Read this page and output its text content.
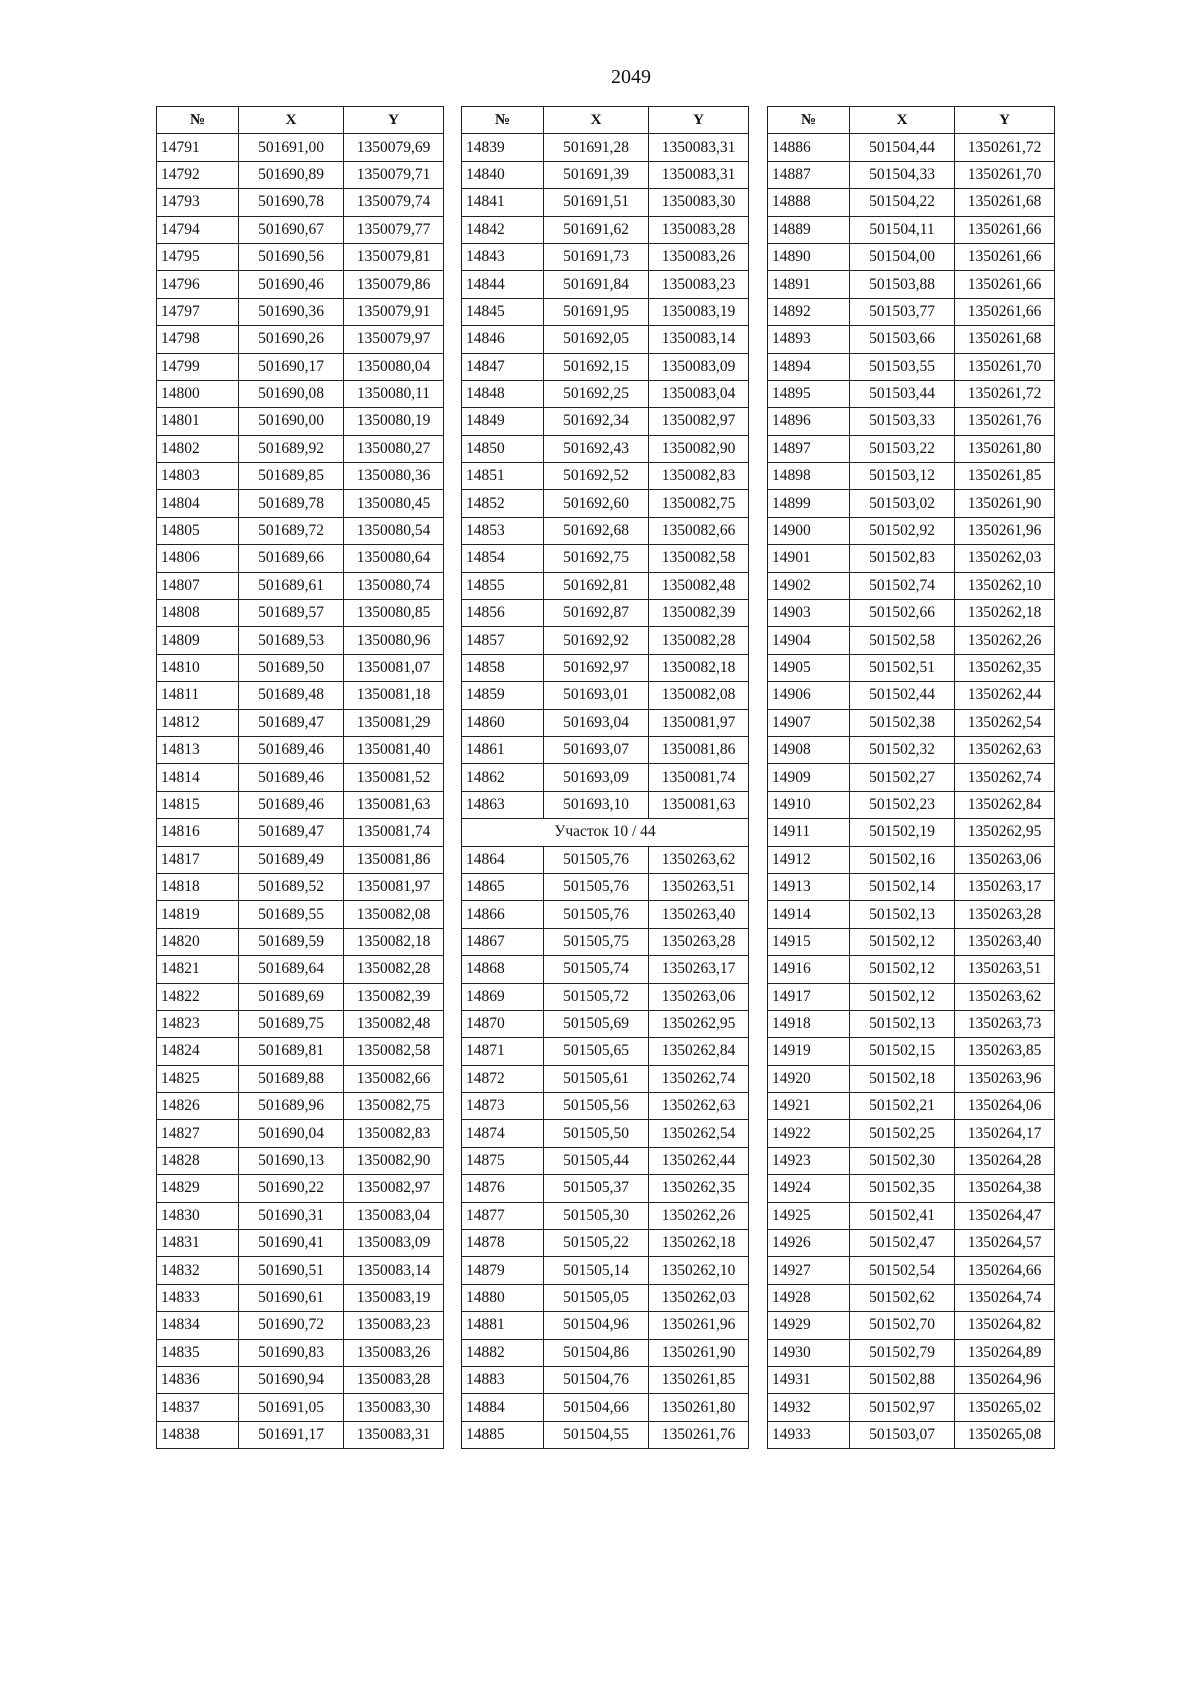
2049
№	X	Y
14791	501691,00	1350079,69
14792	501690,89	1350079,71
14793	501690,78	1350079,74
14794	501690,67	1350079,77
14795	501690,56	1350079,81
14796	501690,46	1350079,86
14797	501690,36	1350079,91
14798	501690,26	1350079,97
14799	501690,17	1350080,04
14800	501690,08	1350080,11
14801	501690,00	1350080,19
14802	501689,92	1350080,27
14803	501689,85	1350080,36
14804	501689,78	1350080,45
14805	501689,72	1350080,54
14806	501689,66	1350080,64
14807	501689,61	1350080,74
14808	501689,57	1350080,85
14809	501689,53	1350080,96
14810	501689,50	1350081,07
14811	501689,48	1350081,18
14812	501689,47	1350081,29
14813	501689,46	1350081,40
14814	501689,46	1350081,52
14815	501689,46	1350081,63
14816	501689,47	1350081,74
14817	501689,49	1350081,86
14818	501689,52	1350081,97
14819	501689,55	1350082,08
14820	501689,59	1350082,18
14821	501689,64	1350082,28
14822	501689,69	1350082,39
14823	501689,75	1350082,48
14824	501689,81	1350082,58
14825	501689,88	1350082,66
14826	501689,96	1350082,75
14827	501690,04	1350082,83
14828	501690,13	1350082,90
14829	501690,22	1350082,97
14830	501690,31	1350083,04
14831	501690,41	1350083,09
14832	501690,51	1350083,14
14833	501690,61	1350083,19
14834	501690,72	1350083,23
14835	501690,83	1350083,26
14836	501690,94	1350083,28
14837	501691,05	1350083,30
14838	501691,17	1350083,31
№	X	Y
14839	501691,28	1350083,31
14840	501691,39	1350083,31
14841	501691,51	1350083,30
14842	501691,62	1350083,28
14843	501691,73	1350083,26
14844	501691,84	1350083,23
14845	501691,95	1350083,19
14846	501692,05	1350083,14
14847	501692,15	1350083,09
14848	501692,25	1350083,04
14849	501692,34	1350082,97
14850	501692,43	1350082,90
14851	501692,52	1350082,83
14852	501692,60	1350082,75
14853	501692,68	1350082,66
14854	501692,75	1350082,58
14855	501692,81	1350082,48
14856	501692,87	1350082,39
14857	501692,92	1350082,28
14858	501692,97	1350082,18
14859	501693,01	1350082,08
14860	501693,04	1350081,97
14861	501693,07	1350081,86
14862	501693,09	1350081,74
14863	501693,10	1350081,63
Участок 10 / 44		
14864	501505,76	1350263,62
14865	501505,76	1350263,51
14866	501505,76	1350263,40
14867	501505,75	1350263,28
14868	501505,74	1350263,17
14869	501505,72	1350263,06
14870	501505,69	1350262,95
14871	501505,65	1350262,84
14872	501505,61	1350262,74
14873	501505,56	1350262,63
14874	501505,50	1350262,54
14875	501505,44	1350262,44
14876	501505,37	1350262,35
14877	501505,30	1350262,26
14878	501505,22	1350262,18
14879	501505,14	1350262,10
14880	501505,05	1350262,03
14881	501504,96	1350261,96
14882	501504,86	1350261,90
14883	501504,76	1350261,85
14884	501504,66	1350261,80
14885	501504,55	1350261,76
№	X	Y
14886	501504,44	1350261,72
14887	501504,33	1350261,70
14888	501504,22	1350261,68
14889	501504,11	1350261,66
14890	501504,00	1350261,66
14891	501503,88	1350261,66
14892	501503,77	1350261,66
14893	501503,66	1350261,68
14894	501503,55	1350261,70
14895	501503,44	1350261,72
14896	501503,33	1350261,76
14897	501503,22	1350261,80
14898	501503,12	1350261,85
14899	501503,02	1350261,90
14900	501502,92	1350261,96
14901	501502,83	1350262,03
14902	501502,74	1350262,10
14903	501502,66	1350262,18
14904	501502,58	1350262,26
14905	501502,51	1350262,35
14906	501502,44	1350262,44
14907	501502,38	1350262,54
14908	501502,32	1350262,63
14909	501502,27	1350262,74
14910	501502,23	1350262,84
14911	501502,19	1350262,95
14912	501502,16	1350263,06
14913	501502,14	1350263,17
14914	501502,13	1350263,28
14915	501502,12	1350263,40
14916	501502,12	1350263,51
14917	501502,12	1350263,62
14918	501502,13	1350263,73
14919	501502,15	1350263,85
14920	501502,18	1350263,96
14921	501502,21	1350264,06
14922	501502,25	1350264,17
14923	501502,30	1350264,28
14924	501502,35	1350264,38
14925	501502,41	1350264,47
14926	501502,47	1350264,57
14927	501502,54	1350264,66
14928	501502,62	1350264,74
14929	501502,70	1350264,82
14930	501502,79	1350264,89
14931	501502,88	1350264,96
14932	501502,97	1350265,02
14933	501503,07	1350265,08
